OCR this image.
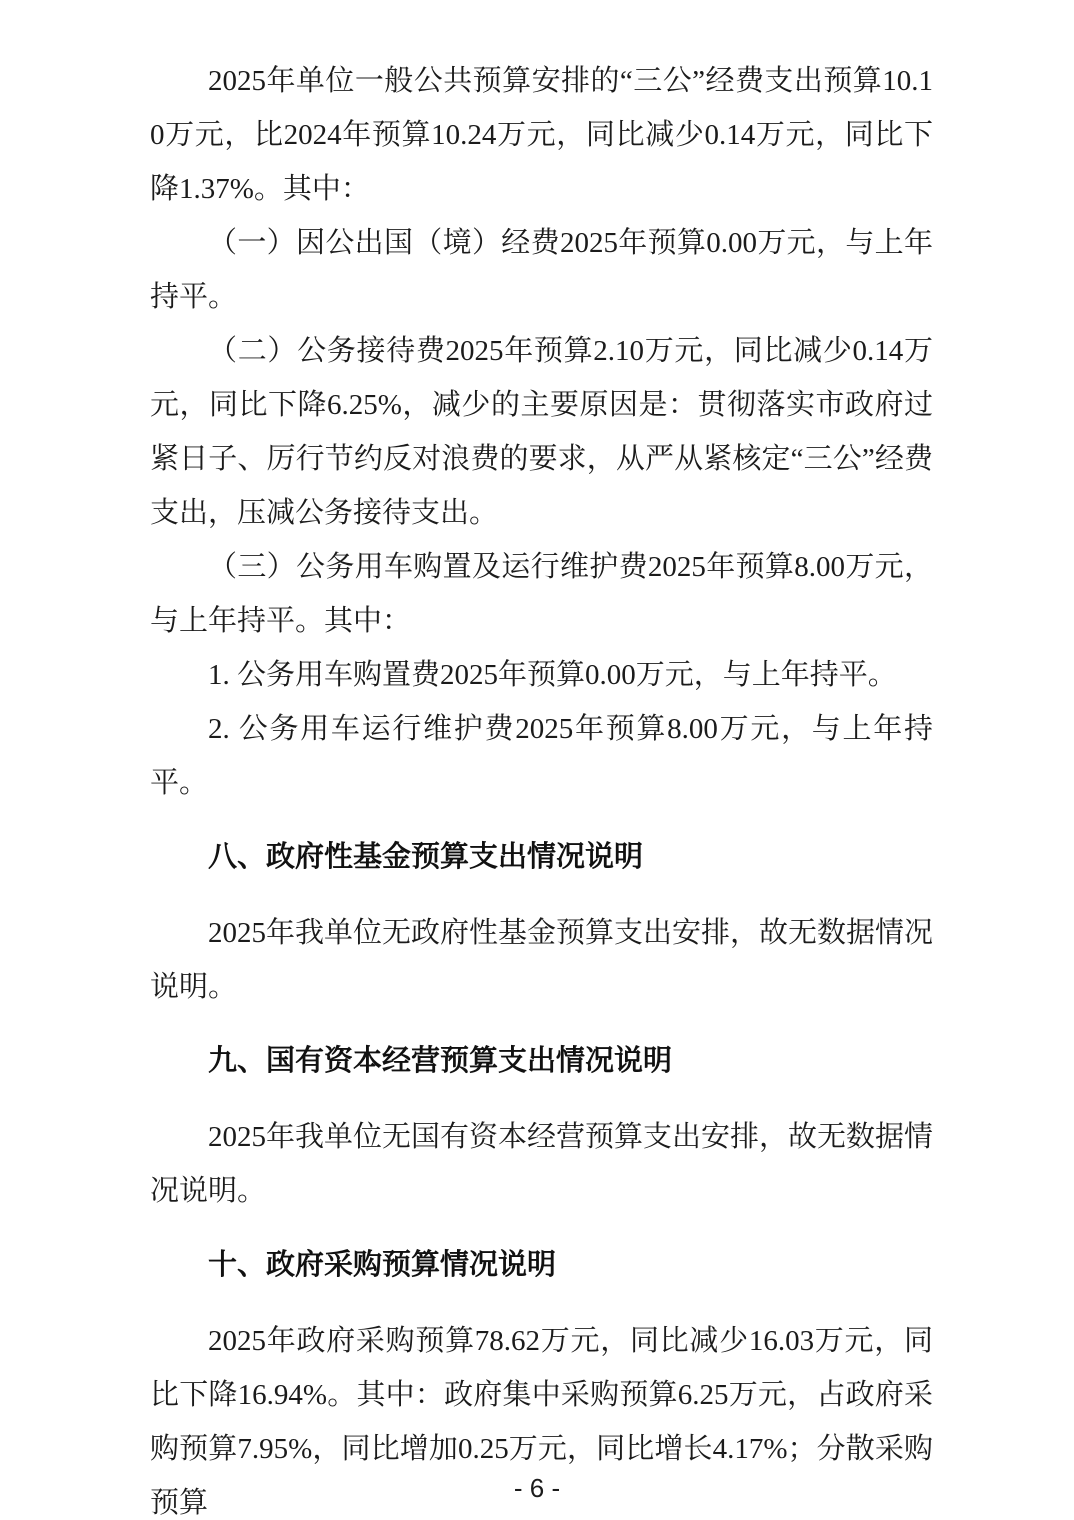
2025年单位一般公共预算安排的“三公”经费支出预算10.10万元，比2024年预算10.24万元，同比减少0.14万元，同比下降1.37%。其中：

（一）因公出国（境）经费2025年预算0.00万元，与上年持平。

（二）公务接待费2025年预算2.10万元，同比减少0.14万元，同比下降6.25%，减少的主要原因是：贯彻落实市政府过紧日子、厉行节约反对浪费的要求，从严从紧核定“三公”经费支出，压减公务接待支出。

（三）公务用车购置及运行维护费2025年预算8.00万元，与上年持平。其中：

1. 公务用车购置费2025年预算0.00万元，与上年持平。

2. 公务用车运行维护费2025年预算8.00万元，与上年持平。

八、政府性基金预算支出情况说明

2025年我单位无政府性基金预算支出安排，故无数据情况说明。

九、国有资本经营预算支出情况说明

2025年我单位无国有资本经营预算支出安排，故无数据情况说明。

十、政府采购预算情况说明

2025年政府采购预算78.62万元，同比减少16.03万元，同比下降16.94%。其中：政府集中采购预算6.25万元，占政府采购预算7.95%，同比增加0.25万元，同比增长4.17%；分散采购预算	- 6 -
